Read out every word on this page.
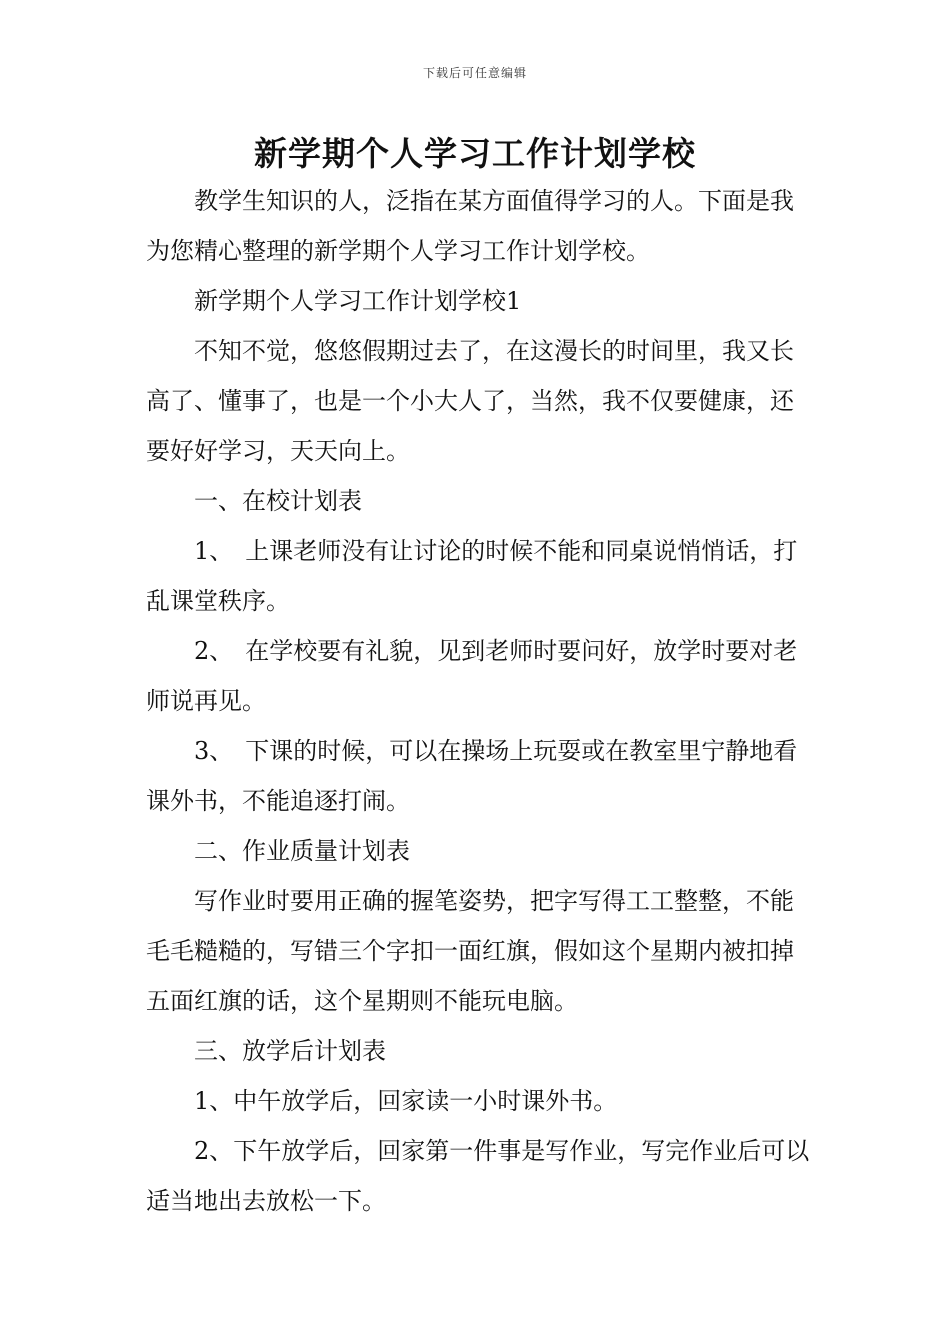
下载后可任意编辑
新学期个人学习工作计划学校

教学生知识的人，泛指在某方面值得学习的人。下面是我为您精心整理的新学期个人学习工作计划学校。

新学期个人学习工作计划学校1

不知不觉，悠悠假期过去了，在这漫长的时间里，我又长高了、懂事了，也是一个小大人了，当然，我不仅要健康，还要好好学习，天天向上。

一、在校计划表

1、　上课老师没有让讨论的时候不能和同桌说悄悄话，打乱课堂秩序。

2、　在学校要有礼貌，见到老师时要问好，放学时要对老师说再见。

3、　下课的时候，可以在操场上玩耍或在教室里宁静地看课外书，不能追逐打闹。

二、作业质量计划表

写作业时要用正确的握笔姿势，把字写得工工整整，不能毛毛糙糙的，写错三个字扣一面红旗，假如这个星期内被扣掉五面红旗的话，这个星期则不能玩电脑。

三、放学后计划表

1、中午放学后，回家读一小时课外书。

2、下午放学后，回家第一件事是写作业，写完作业后可以适当地出去放松一下。
